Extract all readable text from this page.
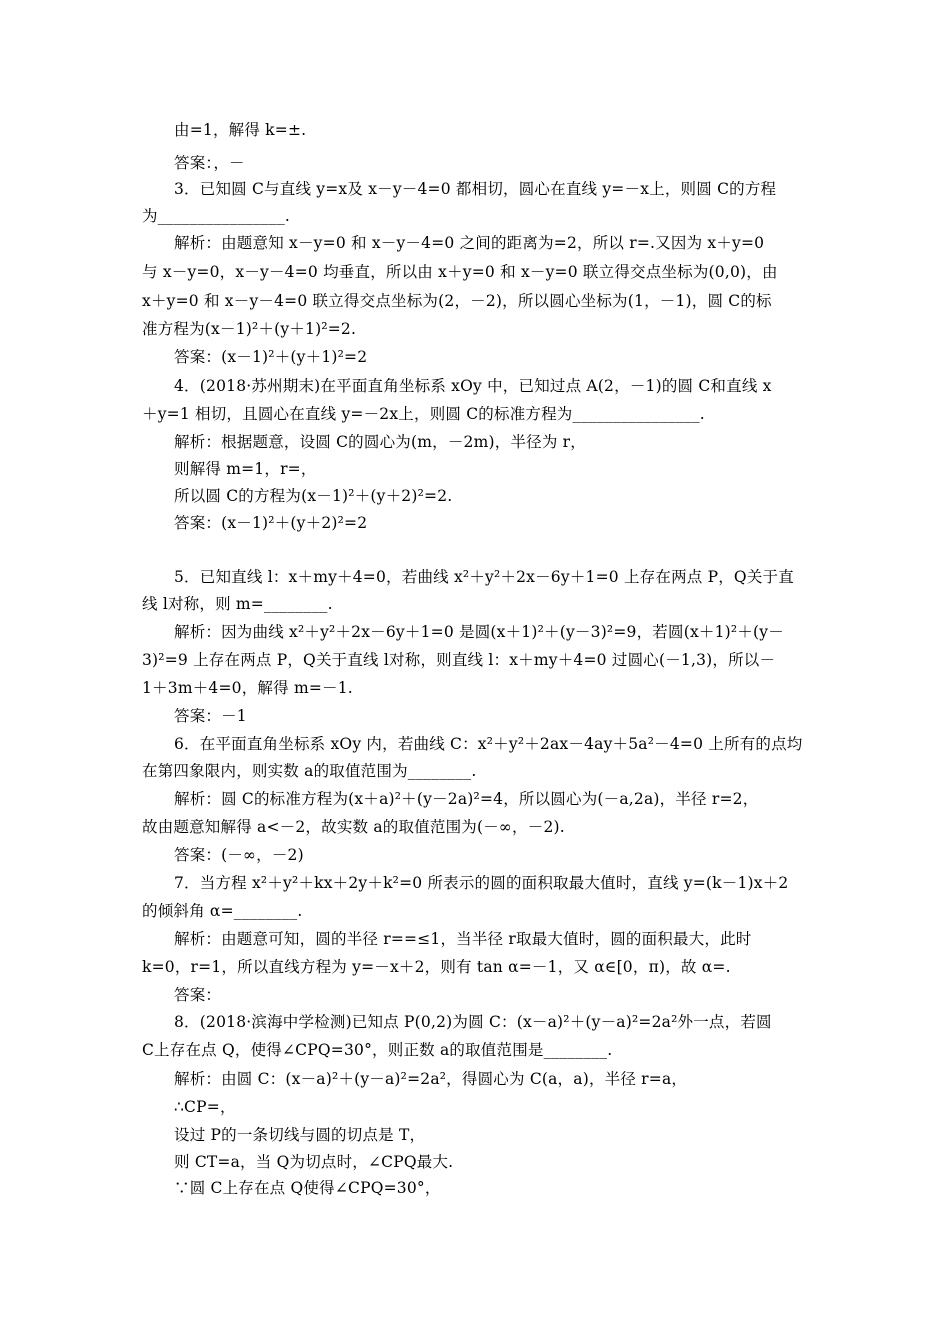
由=1，解得 k=±.
答案：，－
3．已知圆 C与直线 y=x及 x－y－4=0 都相切，圆心在直线 y=－x上，则圆 C的方程
为________________.
解析：由题意知 x－y=0 和 x－y－4=0 之间的距离为=2，所以 r=.又因为 x＋y=0
与 x－y=0，x－y－4=0 均垂直，所以由 x＋y=0 和 x－y=0 联立得交点坐标为(0,0)，由
x＋y=0 和 x－y－4=0 联立得交点坐标为(2，－2)，所以圆心坐标为(1，－1)，圆 C的标
准方程为(x－1)²＋(y＋1)²=2.
答案：(x－1)²＋(y＋1)²=2
4．(2018·苏州期末)在平面直角坐标系 xOy 中，已知过点 A(2，－1)的圆 C和直线 x
＋y=1 相切，且圆心在直线 y=－2x上，则圆 C的标准方程为________________.
解析：根据题意，设圆 C的圆心为(m，－2m)，半径为 r，
则解得 m=1，r=，
所以圆 C的方程为(x－1)²＋(y＋2)²=2.
答案：(x－1)²＋(y＋2)²=2
5．已知直线 l：x＋my＋4=0，若曲线 x²＋y²＋2x－6y＋1=0 上存在两点 P，Q关于直
线 l对称，则 m=________.
解析：因为曲线 x²＋y²＋2x－6y＋1=0 是圆(x＋1)²＋(y－3)²=9，若圆(x＋1)²＋(y－
3)²=9 上存在两点 P，Q关于直线 l对称，则直线 l：x＋my＋4=0 过圆心(－1,3)，所以－
1＋3m＋4=0，解得 m=－1.
答案：－1
6．在平面直角坐标系 xOy 内，若曲线 C：x²＋y²＋2ax－4ay＋5a²－4=0 上所有的点均
在第四象限内，则实数 a的取值范围为________.
解析：圆 C的标准方程为(x＋a)²＋(y－2a)²=4，所以圆心为(－a,2a)，半径 r=2，
故由题意知解得 a<－2，故实数 a的取值范围为(－∞，－2).
答案：(－∞，－2)
7．当方程 x²＋y²＋kx＋2y＋k²=0 所表示的圆的面积取最大值时，直线 y=(k－1)x＋2
的倾斜角 α=________.
解析：由题意可知，圆的半径 r==≤1，当半径 r取最大值时，圆的面积最大，此时
k=0，r=1，所以直线方程为 y=－x＋2，则有 tan α=－1，又 α∈[0，π)，故 α=.
答案：
8．(2018·滨海中学检测)已知点 P(0,2)为圆 C：(x－a)²＋(y－a)²=2a²外一点，若圆
C上存在点 Q，使得∠CPQ=30°，则正数 a的取值范围是________.
解析：由圆 C：(x－a)²＋(y－a)²=2a²，得圆心为 C(a，a)，半径 r=a，
∴CP=，
设过 P的一条切线与圆的切点是 T，
则 CT=a，当 Q为切点时，∠CPQ最大.
∵圆 C上存在点 Q使得∠CPQ=30°，
